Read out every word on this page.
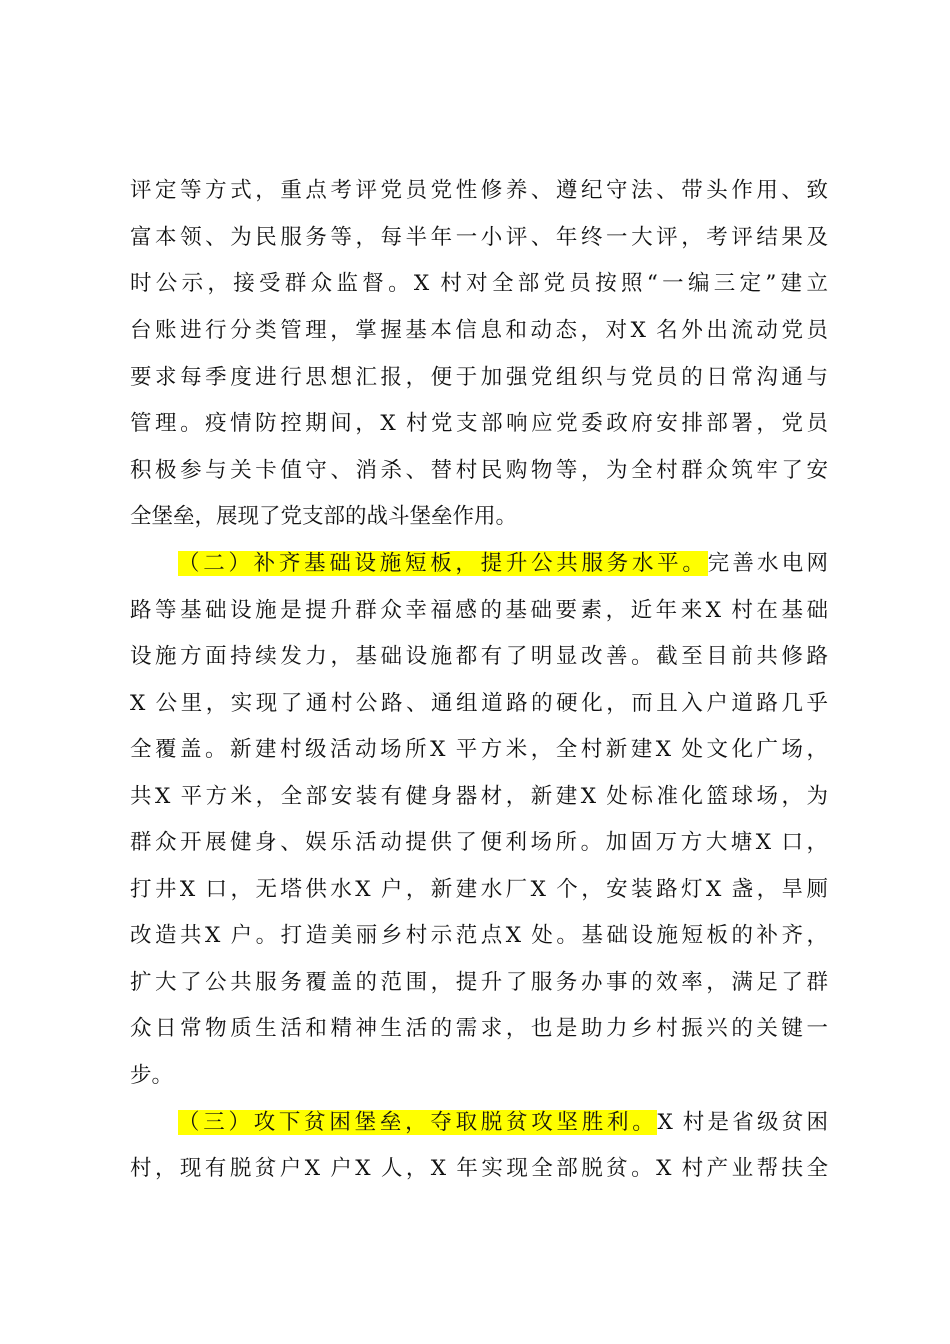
评定等方式，重点考评党员党性修养、遵纪守法、带头作用、致
富本领、为民服务等，每半年一小评、年终一大评，考评结果及
时公示，接受群众监督。X 村对全部党员按照“一编三定”建立
台账进行分类管理，掌握基本信息和动态，对X 名外出流动党员
要求每季度进行思想汇报，便于加强党组织与党员的日常沟通与
管理。疫情防控期间，X 村党支部响应党委政府安排部署，党员
积极参与关卡值守、消杀、替村民购物等，为全村群众筑牢了安
全堡垒，展现了党支部的战斗堡垒作用。
（二）补齐基础设施短板，提升公共服务水平。完善水电网
路等基础设施是提升群众幸福感的基础要素，近年来X 村在基础
设施方面持续发力，基础设施都有了明显改善。截至目前共修路
X 公里，实现了通村公路、通组道路的硬化，而且入户道路几乎
全覆盖。新建村级活动场所X 平方米，全村新建X 处文化广场，
共X 平方米，全部安装有健身器材，新建X 处标准化篮球场，为
群众开展健身、娱乐活动提供了便利场所。加固万方大塘X 口，
打井X 口，无塔供水X 户，新建水厂X 个，安装路灯X 盏，旱厕
改造共X 户。打造美丽乡村示范点X 处。基础设施短板的补齐，
扩大了公共服务覆盖的范围，提升了服务办事的效率，满足了群
众日常物质生活和精神生活的需求，也是助力乡村振兴的关键一
步。
（三）攻下贫困堡垒，夺取脱贫攻坚胜利。X 村是省级贫困
村，现有脱贫户X 户X 人，X 年实现全部脱贫。X 村产业帮扶全
